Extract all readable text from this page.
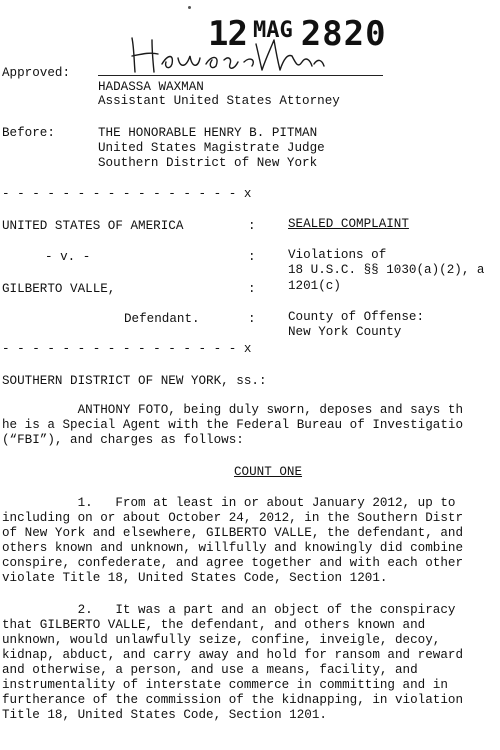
12 MAG 2820
Approved:
HADASSA WAXMAN
Assistant United States Attorney
Before:	THE HONORABLE HENRY B. PITMAN
United States Magistrate Judge
Southern District of New York
- - - - - - - - - - - - - - - - x
UNITED STATES OF AMERICA	:	SEALED COMPLAINT
- v. -	:	Violations of
18 U.S.C. §§ 1030(a)(2), a
GILBERTO VALLE,	:	1201(c)
Defendant.	:	County of Offense:
New York County
- - - - - - - - - - - - - - - - x
SOUTHERN DISTRICT OF NEW YORK, ss.:
ANTHONY FOTO, being duly sworn, deposes and says th
he is a Special Agent with the Federal Bureau of Investigatio
(“FBI”), and charges as follows:
COUNT ONE
1.   From at least in or about January 2012, up to
including on or about October 24, 2012, in the Southern Distr
of New York and elsewhere, GILBERTO VALLE, the defendant, and
others known and unknown, willfully and knowingly did combine
conspire, confederate, and agree together and with each other
violate Title 18, United States Code, Section 1201.
2.   It was a part and an object of the conspiracy
that GILBERTO VALLE, the defendant, and others known and
unknown, would unlawfully seize, confine, inveigle, decoy,
kidnap, abduct, and carry away and hold for ransom and reward
and otherwise, a person, and use a means, facility, and
instrumentality of interstate commerce in committing and in
furtherance of the commission of the kidnapping, in violation
Title 18, United States Code, Section 1201.
